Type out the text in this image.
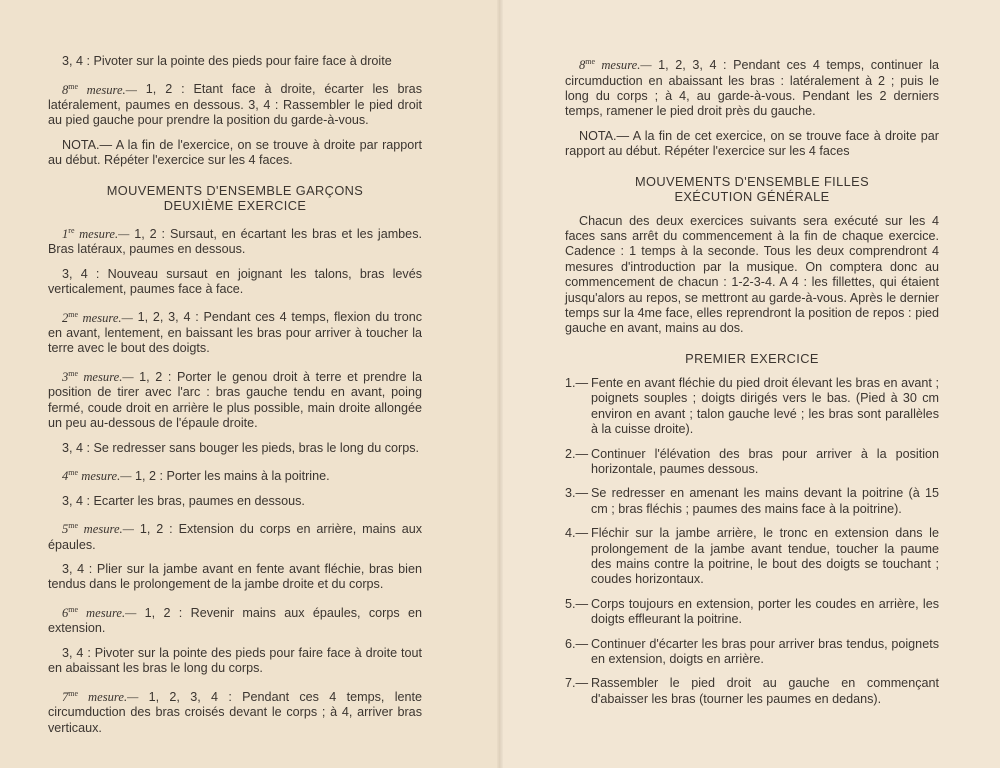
3, 4 : Pivoter sur la pointe des pieds pour faire face à droite

$8^{me}$ mesure.— 1, 2 : Etant face à droite, écarter les bras latéralement, paumes en dessous. 3, 4 : Rassembler le pied droit au pied gauche pour prendre la position du garde-à-vous.

NOTA.— A la fin de l'exercice, on se trouve à droite par rapport au début. Répéter l'exercice sur les 4 faces.

MOUVEMENTS D'ENSEMBLE GARÇONS
DEUXIÈME EXERCICE

1re mesure.— 1, 2 : Sursaut, en écartant les bras et les jambes. Bras latéraux, paumes en dessous.

3, 4 : Nouveau sursaut en joignant les talons, bras levés verticalement, paumes face à face.

$2^{me}$ mesure.— 1, 2, 3, 4 : Pendant ces 4 temps, flexion du tronc en avant, lentement, en baissant les bras pour arriver à toucher la terre avec le bout des doigts.

$3^{me}$ mesure.— 1, 2 : Porter le genou droit à terre et prendre la position de tirer avec l'arc : bras gauche tendu en avant, poing fermé, coude droit en arrière le plus possible, main droite allongée un peu au-dessous de l'épaule droite.

3, 4 : Se redresser sans bouger les pieds, bras le long du corps.

$4^{me}$ mesure.— 1, 2 : Porter les mains à la poitrine.

3, 4 : Ecarter les bras, paumes en dessous.

$5^{me}$ mesure.— 1, 2 : Extension du corps en arrière, mains aux épaules.

3, 4 : Plier sur la jambe avant en fente avant fléchie, bras bien tendus dans le prolongement de la jambe droite et du corps.

$6^{me}$ mesure.— 1, 2 : Revenir mains aux épaules, corps en extension.

3, 4 : Pivoter sur la pointe des pieds pour faire face à droite tout en abaissant les bras le long du corps.

$7^{me}$ mesure.— 1, 2, 3, 4 : Pendant ces 4 temps, lente circumduction des bras croisés devant le corps ; à 4, arriver bras verticaux.

$8^{me}$ mesure.— 1, 2, 3, 4 : Pendant ces 4 temps, continuer la circumduction en abaissant les bras : latéralement à 2 ; puis le long du corps ; à 4, au garde-à-vous. Pendant les 2 derniers temps, ramener le pied droit près du gauche.

NOTA.— A la fin de cet exercice, on se trouve face à droite par rapport au début. Répéter l'exercice sur les 4 faces

MOUVEMENTS D'ENSEMBLE FILLES
EXÉCUTION GÉNÉRALE

Chacun des deux exercices suivants sera exécuté sur les 4 faces sans arrêt du commencement à la fin de chaque exercice. Cadence : 1 temps à la seconde. Tous les deux comprendront 4 mesures d'introduction par la musique. On comptera donc au commencement de chacun : 1-2-3-4. A 4 : les fillettes, qui étaient jusqu'alors au repos, se mettront au garde-à-vous. Après le dernier temps sur la 4me face, elles reprendront la position de repos : pied gauche en avant, mains au dos.

PREMIER EXERCICE
1.— Fente en avant fléchie du pied droit élevant les bras en avant ; poignets souples ; doigts dirigés vers le bas. (Pied à 30 cm environ en avant ; talon gauche levé ; les bras sont parallèles à la cuisse droite).
2.— Continuer l'élévation des bras pour arriver à la position horizontale, paumes dessous.
3.— Se redresser en amenant les mains devant la poitrine (à 15 cm ; bras fléchis ; paumes des mains face à la poitrine).
4.— Fléchir sur la jambe arrière, le tronc en extension dans le prolongement de la jambe avant tendue, toucher la paume des mains contre la poitrine, le bout des doigts se touchant ; coudes horizontaux.
5.— Corps toujours en extension, porter les coudes en arrière, les doigts effleurant la poitrine.
6.— Continuer d'écarter les bras pour arriver bras tendus, poignets en extension, doigts en arrière.
7.— Rassembler le pied droit au gauche en commençant d'abaisser les bras (tourner les paumes en dedans).
